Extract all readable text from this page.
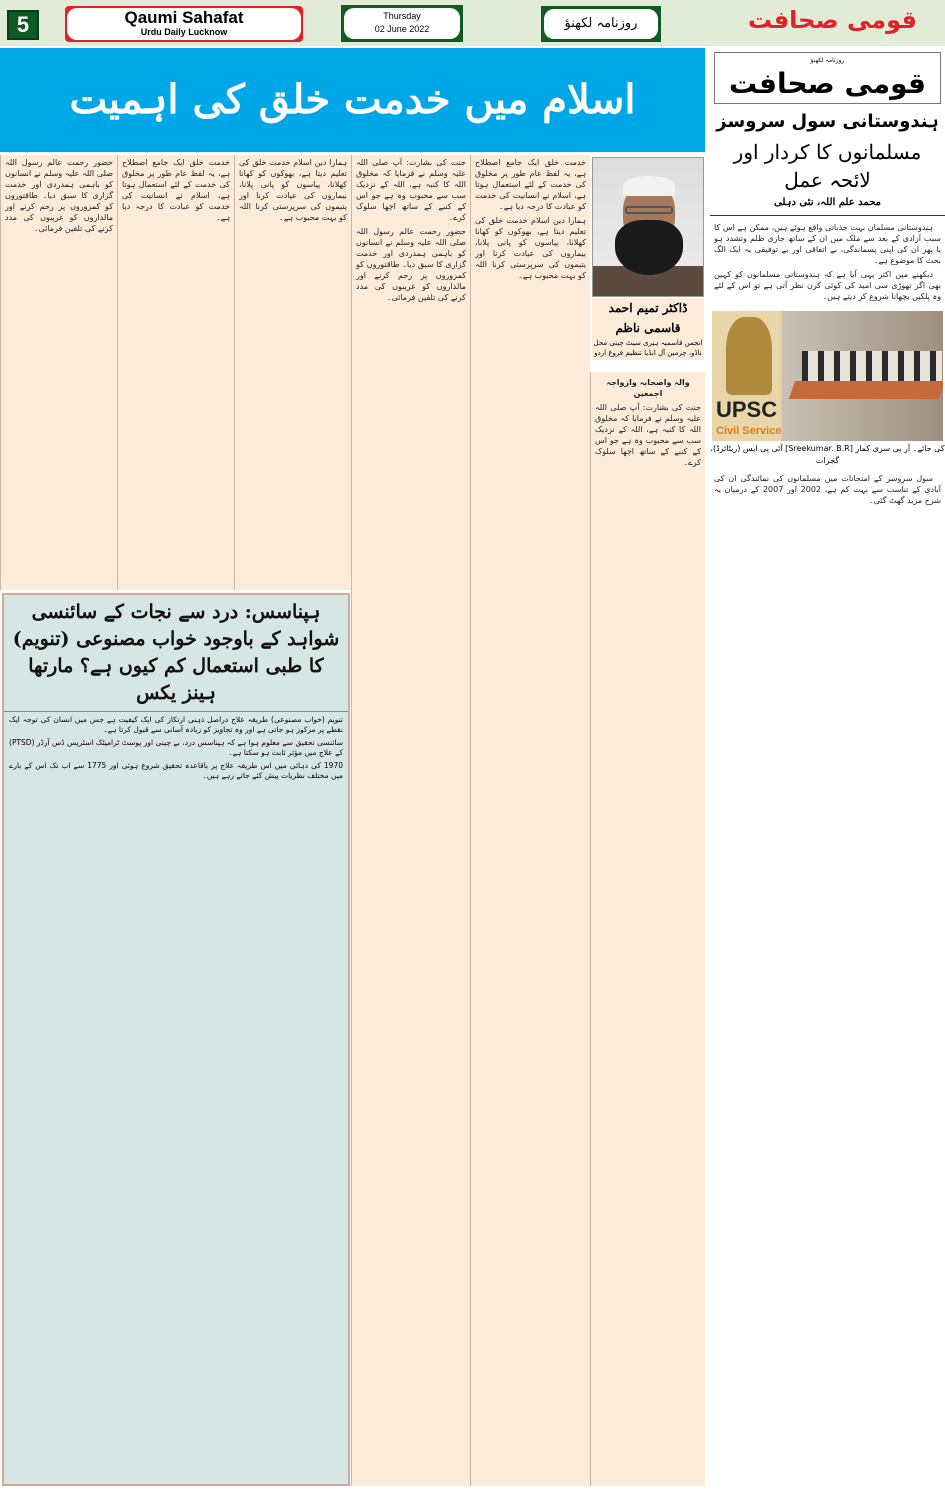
5	Qaumi Sahafat
Urdu Daily Lucknow
Thursday
02 June 2022	روزنامہ لکھنؤ	قومی صحافت
اسلام میں خدمت خلق کی اہمیت

حضور رحمت عالم رسول اللہ صلی اللہ علیہ وسلم نے انسانوں کو باہمی ہمدردی اور خدمت گزاری کا سبق دیا۔ طاقتوروں کو کمزوروں پر رحم کرنے اور مالداروں کو غریبوں کی مدد کرنے کی تلقین فرمائی۔

خدمت خلق ایک جامع اصطلاح ہے، یہ لفظ عام طور پر مخلوق کی خدمت کے لئے استعمال ہوتا ہے، اسلام نے انسانیت کی خدمت کو عبادت کا درجہ دیا ہے۔

ہمارا دین اسلام خدمت خلق کی تعلیم دیتا ہے، بھوکوں کو کھانا کھلانا، پیاسوں کو پانی پلانا، بیماروں کی عیادت کرنا اور یتیموں کی سرپرستی کرنا اللہ کو بہت محبوب ہے۔

جنت کی بشارت: آپ صلی اللہ علیہ وسلم نے فرمایا کہ مخلوق اللہ کا کنبہ ہے، اللہ کے نزدیک سب سے محبوب وہ ہے جو اس کے کنبے کے ساتھ اچھا سلوک کرے۔

حضور رحمت عالم رسول اللہ صلی اللہ علیہ وسلم نے انسانوں کو باہمی ہمدردی اور خدمت گزاری کا سبق دیا۔ طاقتوروں کو کمزوروں پر رحم کرنے اور مالداروں کو غریبوں کی مدد کرنے کی تلقین فرمائی۔

خدمت خلق ایک جامع اصطلاح ہے، یہ لفظ عام طور پر مخلوق کی خدمت کے لئے استعمال ہوتا ہے، اسلام نے انسانیت کی خدمت کو عبادت کا درجہ دیا ہے۔

ہمارا دین اسلام خدمت خلق کی تعلیم دیتا ہے، بھوکوں کو کھانا کھلانا، پیاسوں کو پانی پلانا، بیماروں کی عیادت کرنا اور یتیموں کی سرپرستی کرنا اللہ کو بہت محبوب ہے۔

ڈاکٹر تمیم احمد قاسمی ناظم
انجمن قاسمیہ ہیری سیٹ چینی محل ناڈو، چرمین آل انڈیا تنظیم فروغ اردو
والہ واصحابہ وازواجہ اجمعین

جنت کی بشارت: آپ صلی اللہ علیہ وسلم نے فرمایا کہ مخلوق اللہ کا کنبہ ہے، اللہ کے نزدیک سب سے محبوب وہ ہے جو اس کے کنبے کے ساتھ اچھا سلوک کرے۔

ہپناسس: درد سے نجات کے سائنسی شواہد کے باوجود خواب مصنوعی (تنویم) کا طبی استعمال کم کیوں ہے؟ مارتھا ہینز یکس

تنویم (خواب مصنوعی) طریقہ علاج دراصل ذہنی ارتکاز کی ایک کیفیت ہے جس میں انسان کی توجہ ایک نقطے پر مرکوز ہو جاتی ہے اور وہ تجاویز کو زیادہ آسانی سے قبول کرتا ہے۔

سائنسی تحقیق سے معلوم ہوا ہے کہ ہپناسس درد، بے چینی اور پوسٹ ٹرامیٹک اسٹریس ڈس آرڈر (PTSD) کے علاج میں مؤثر ثابت ہو سکتا ہے۔

1970 کی دہائی میں اس طریقہ علاج پر باقاعدہ تحقیق شروع ہوئی اور 1775 سے اب تک اس کے بارے میں مختلف نظریات پیش کئے جاتے رہے ہیں۔

روزنامہ لکھنؤ
قومی صحافت
ہندوستانی سول سروسز
مسلمانوں کا کردار اور لائحہ عمل
محمد علم اللہ، نئی دہلی

ہندوستانی مسلمان بہت جذباتی واقع ہوئے ہیں، ممکن ہے اس کا سبب آزادی کے بعد سے ملک میں ان کے ساتھ جاری ظلم وتشدد ہو یا پھر ان کی اپنی پسماندگی، بے اتفاقی اور بے توفیقی یہ ایک الگ بحث کا موضوع ہے۔

دیکھنے میں اکثر یہی آیا ہے کہ ہندوستانی مسلمانوں کو کہیں بھی اگر تھوڑی سی امید کی کوئی کرن نظر آتی ہے تو اس کے لئے وہ پلکیں بچھانا شروع کر دیتے ہیں۔

UPSC
Civil Service
کی جائے۔ آر بی سری کمار [Sreekumar. B.R] آئی پی ایس (ریٹائرڈ)، گجرات

سول سروسز کے امتحانات میں مسلمانوں کی نمائندگی ان کی آبادی کے تناسب سے بہت کم ہے، 2002 اور 2007 کے درمیان یہ شرح مزید گھٹ گئی۔
